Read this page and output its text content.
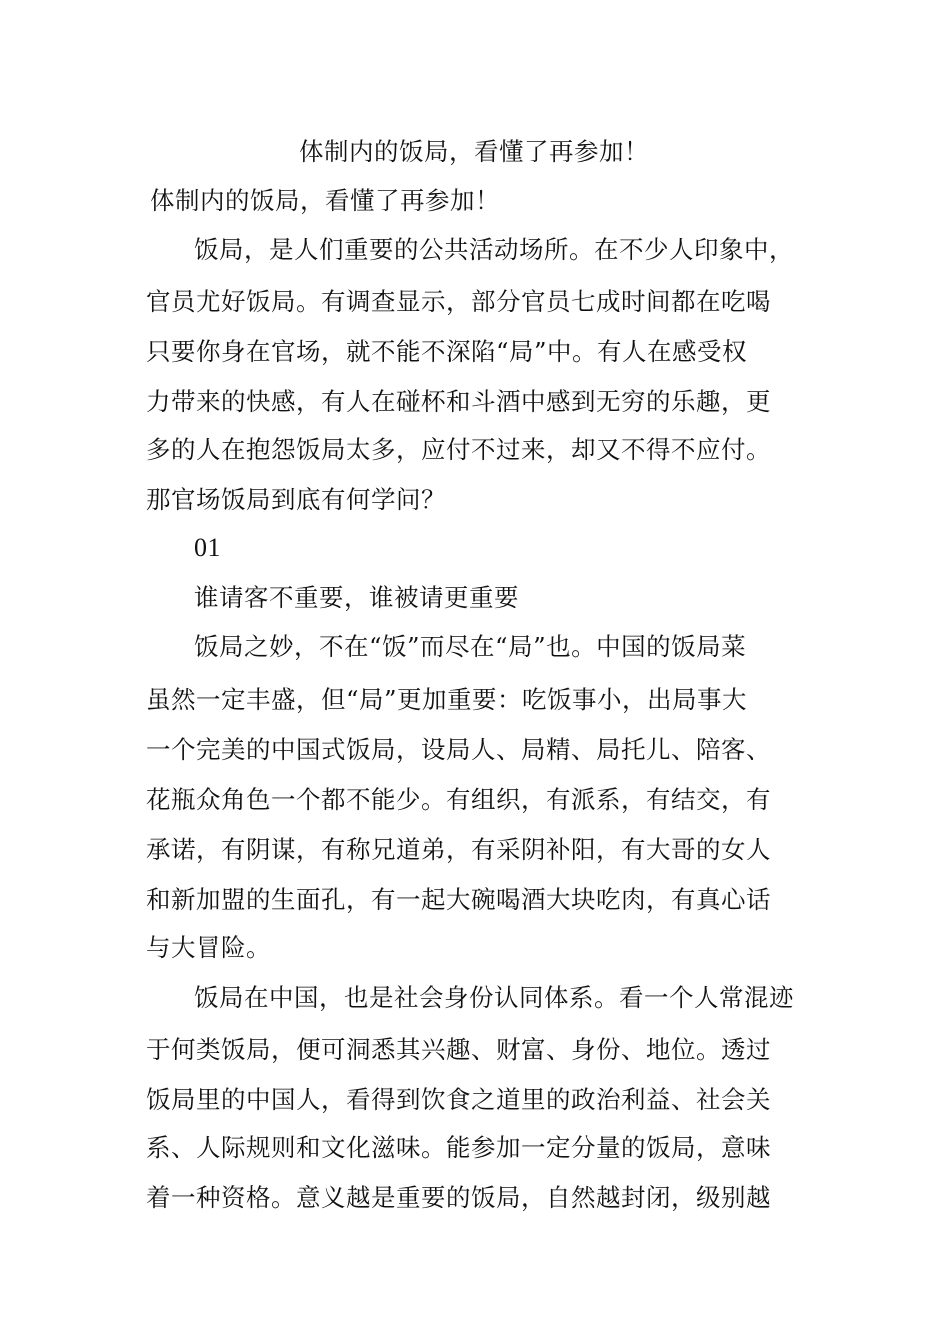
体制内的饭局，看懂了再参加！

体制内的饭局，看懂了再参加！

饭局，是人们重要的公共活动场所。在不少人印象中，

官员尤好饭局。有调查显示，部分官员七成时间都在吃喝

只要你身在官场，就不能不深陷“局”中。有人在感受权

力带来的快感，有人在碰杯和斗酒中感到无穷的乐趣，更

多的人在抱怨饭局太多，应付不过来，却又不得不应付。

那官场饭局到底有何学问？

01

谁请客不重要，谁被请更重要

饭局之妙，不在“饭”而尽在“局”也。中国的饭局菜

虽然一定丰盛，但“局”更加重要：吃饭事小，出局事大

一个完美的中国式饭局，设局人、局精、局托儿、陪客、

花瓶众角色一个都不能少。有组织，有派系，有结交，有

承诺，有阴谋，有称兄道弟，有采阴补阳，有大哥的女人

和新加盟的生面孔，有一起大碗喝酒大块吃肉，有真心话

与大冒险。

饭局在中国，也是社会身份认同体系。看一个人常混迹

于何类饭局，便可洞悉其兴趣、财富、身份、地位。透过

饭局里的中国人，看得到饮食之道里的政治利益、社会关

系、人际规则和文化滋味。能参加一定分量的饭局，意味

着一种资格。意义越是重要的饭局，自然越封闭，级别越
